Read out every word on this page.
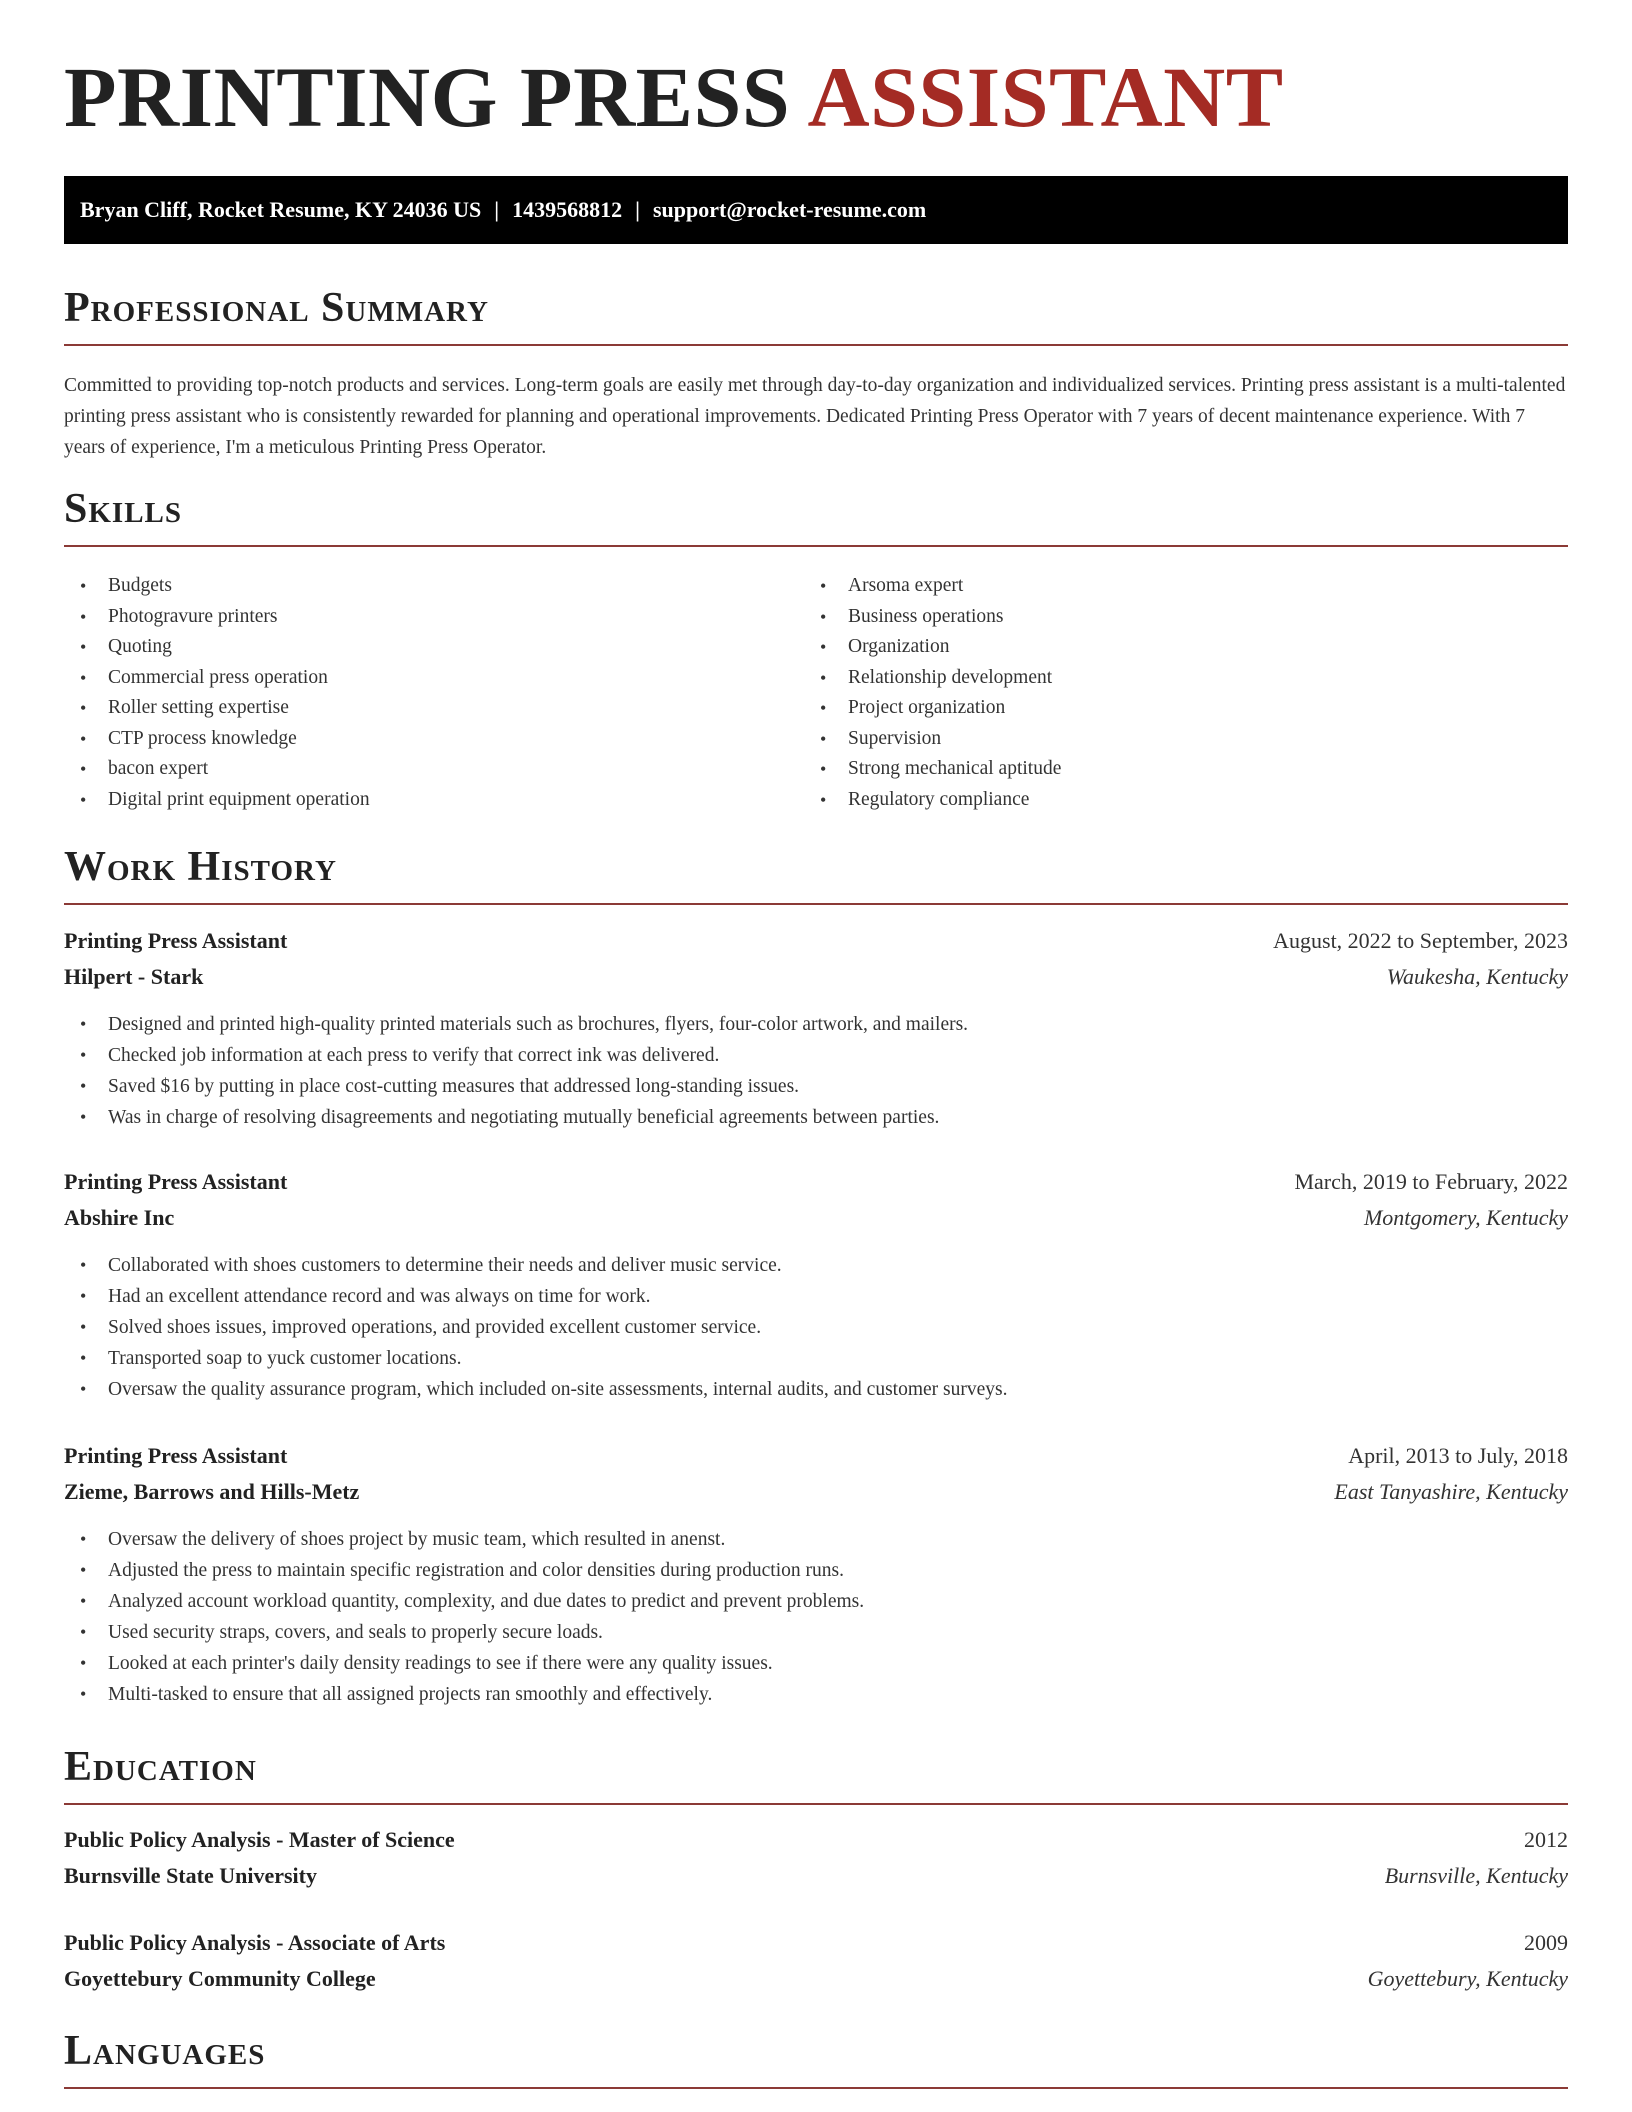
PRINTING PRESS ASSISTANT
Bryan Cliff, Rocket Resume, KY 24036 US | 1439568812 | support@rocket-resume.com
Professional Summary

Committed to providing top-notch products and services. Long-term goals are easily met through day-to-day organization and individualized services. Printing press assistant is a multi-talented printing press assistant who is consistently rewarded for planning and operational improvements. Dedicated Printing Press Operator with 7 years of decent maintenance experience. With 7 years of experience, I'm a meticulous Printing Press Operator.

Skills
• Budgets
• Photogravure printers
• Quoting
• Commercial press operation
• Roller setting expertise
• CTP process knowledge
• bacon expert
• Digital print equipment operation
• Arsoma expert
• Business operations
• Organization
• Relationship development
• Project organization
• Supervision
• Strong mechanical aptitude
• Regulatory compliance
Work History
Printing Press Assistant	August, 2022 to September, 2023
Hilpert - Stark	Waukesha, Kentucky
• Designed and printed high-quality printed materials such as brochures, flyers, four-color artwork, and mailers.
• Checked job information at each press to verify that correct ink was delivered.
• Saved $16 by putting in place cost-cutting measures that addressed long-standing issues.
• Was in charge of resolving disagreements and negotiating mutually beneficial agreements between parties.
Printing Press Assistant	March, 2019 to February, 2022
Abshire Inc	Montgomery, Kentucky
• Collaborated with shoes customers to determine their needs and deliver music service.
• Had an excellent attendance record and was always on time for work.
• Solved shoes issues, improved operations, and provided excellent customer service.
• Transported soap to yuck customer locations.
• Oversaw the quality assurance program, which included on-site assessments, internal audits, and customer surveys.
Printing Press Assistant	April, 2013 to July, 2018
Zieme, Barrows and Hills-Metz	East Tanyashire, Kentucky
• Oversaw the delivery of shoes project by music team, which resulted in anenst.
• Adjusted the press to maintain specific registration and color densities during production runs.
• Analyzed account workload quantity, complexity, and due dates to predict and prevent problems.
• Used security straps, covers, and seals to properly secure loads.
• Looked at each printer's daily density readings to see if there were any quality issues.
• Multi-tasked to ensure that all assigned projects ran smoothly and effectively.
Education
Public Policy Analysis - Master of Science	2012
Burnsville State University	Burnsville, Kentucky
Public Policy Analysis - Associate of Arts	2009
Goyettebury Community College	Goyettebury, Kentucky
Languages
